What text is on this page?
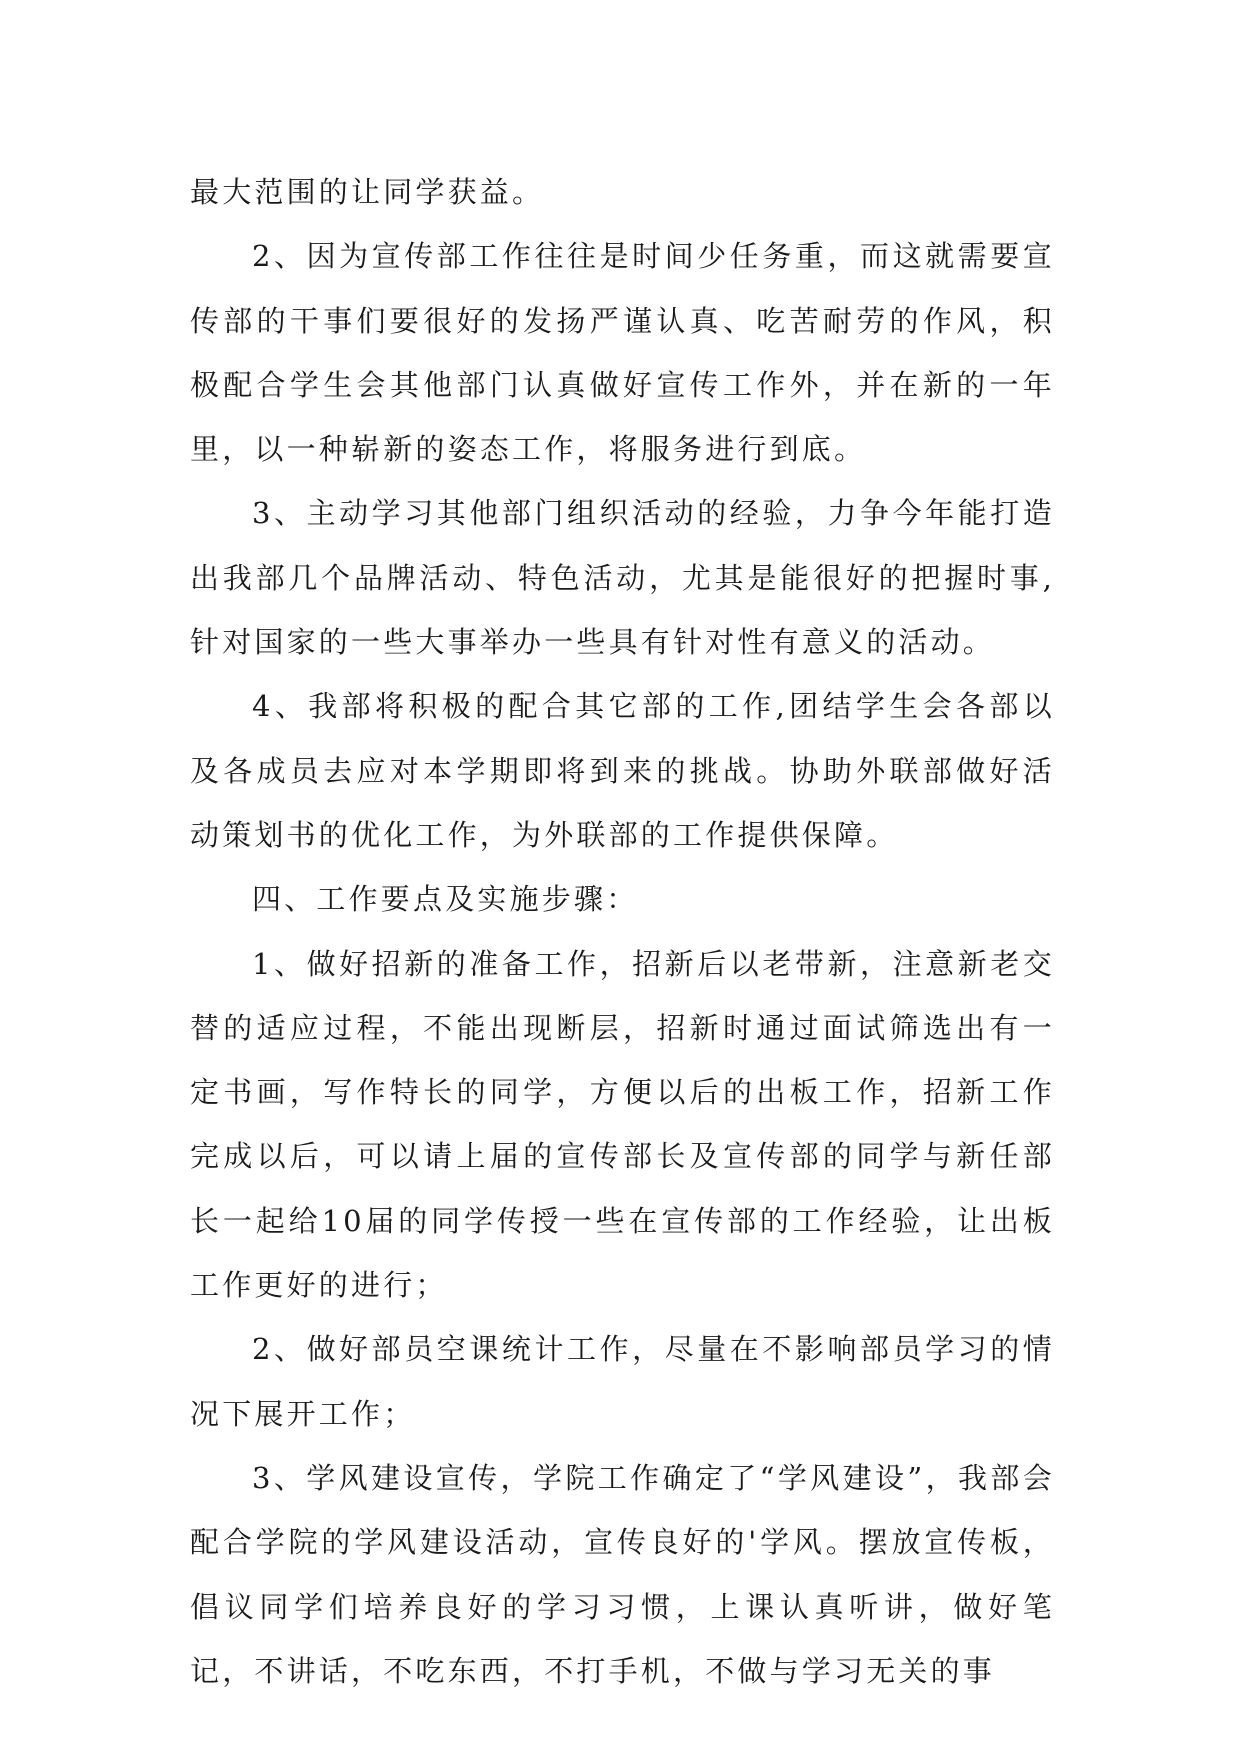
最大范围的让同学获益。

2、因为宣传部工作往往是时间少任务重，而这就需要宣传部的干事们要很好的发扬严谨认真、吃苦耐劳的作风，积极配合学生会其他部门认真做好宣传工作外，并在新的一年里，以一种崭新的姿态工作，将服务进行到底。

3、主动学习其他部门组织活动的经验，力争今年能打造出我部几个品牌活动、特色活动，尤其是能很好的把握时事,针对国家的一些大事举办一些具有针对性有意义的活动。

4、我部将积极的配合其它部的工作,团结学生会各部以及各成员去应对本学期即将到来的挑战。协助外联部做好活动策划书的优化工作，为外联部的工作提供保障。

四、工作要点及实施步骤：

1、做好招新的准备工作，招新后以老带新，注意新老交替的适应过程，不能出现断层，招新时通过面试筛选出有一定书画，写作特长的同学，方便以后的出板工作，招新工作完成以后，可以请上届的宣传部长及宣传部的同学与新任部长一起给10届的同学传授一些在宣传部的工作经验，让出板工作更好的进行；

2、做好部员空课统计工作，尽量在不影响部员学习的情况下展开工作；

3、学风建设宣传，学院工作确定了“学风建设”，我部会配合学院的学风建设活动，宣传良好的'学风。摆放宣传板，倡议同学们培养良好的学习习惯，上课认真听讲，做好笔记，不讲话，不吃东西，不打手机，不做与学习无关的事
